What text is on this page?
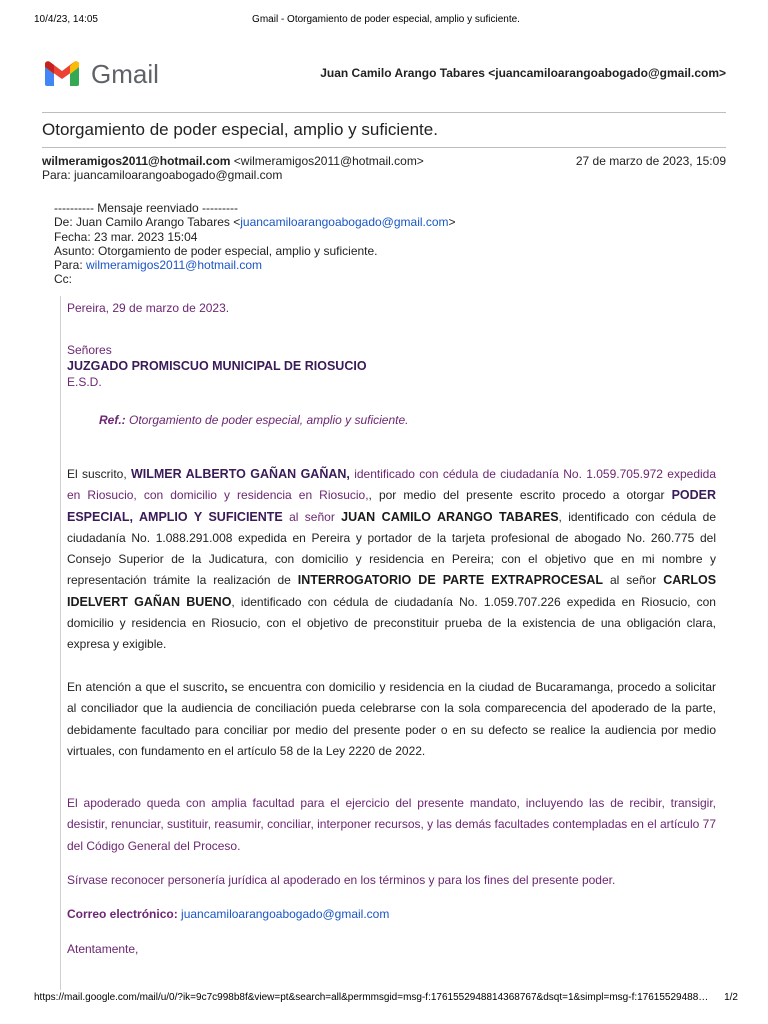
10/4/23, 14:05	Gmail - Otorgamiento de poder especial, amplio y suficiente.
Gmail	Juan Camilo Arango Tabares <juancamiloarangoabogado@gmail.com>
Otorgamiento de poder especial, amplio y suficiente.
wilmeramigos2011@hotmail.com <wilmeramigos2011@hotmail.com>	27 de marzo de 2023, 15:09
Para: juancamiloarangoabogado@gmail.com
---------- Mensaje reenviado ---------
De: Juan Camilo Arango Tabares <juancamiloarangoabogado@gmail.com>
Fecha: 23 mar. 2023 15:04
Asunto: Otorgamiento de poder especial, amplio y suficiente.
Para: wilmeramigos2011@hotmail.com
Cc:
Pereira, 29 de marzo de 2023.
Señores
JUZGADO PROMISCUO MUNICIPAL DE RIOSUCIO
E.S.D.
Ref.: Otorgamiento de poder especial, amplio y suficiente.
El suscrito, WILMER ALBERTO GAÑAN GAÑAN, identificado con cédula de ciudadanía No. 1.059.705.972 expedida en Riosucio, con domicilio y residencia en Riosucio,, por medio del presente escrito procedo a otorgar PODER ESPECIAL, AMPLIO Y SUFICIENTE al señor JUAN CAMILO ARANGO TABARES, identificado con cédula de ciudadanía No. 1.088.291.008 expedida en Pereira y portador de la tarjeta profesional de abogado No. 260.775 del Consejo Superior de la Judicatura, con domicilio y residencia en Pereira; con el objetivo que en mi nombre y representación trámite la realización de INTERROGATORIO DE PARTE EXTRAPROCESAL al señor CARLOS IDELVERT GAÑAN BUENO, identificado con cédula de ciudadanía No. 1.059.707.226 expedida en Riosucio, con domicilio y residencia en Riosucio, con el objetivo de preconstituir prueba de la existencia de una obligación clara, expresa y exigible.
En atención a que el suscrito, se encuentra con domicilio y residencia en la ciudad de Bucaramanga, procedo a solicitar al conciliador que la audiencia de conciliación pueda celebrarse con la sola comparecencia del apoderado de la parte, debidamente facultado para conciliar por medio del presente poder o en su defecto se realice la audiencia por medio virtuales, con fundamento en el artículo 58 de la Ley 2220 de 2022.
El apoderado queda con amplia facultad para el ejercicio del presente mandato, incluyendo las de recibir, transigir, desistir, renunciar, sustituir, reasumir, conciliar, interponer recursos, y las demás facultades contempladas en el artículo 77 del Código General del Proceso.
Sírvase reconocer personería jurídica al apoderado en los términos y para los fines del presente poder.
Correo electrónico: juancamiloarangoabogado@gmail.com
Atentamente,
https://mail.google.com/mail/u/0/?ik=9c7c998b8f&view=pt&search=all&permmsgid=msg-f:1761552948814368767&dsqt=1&simpl=msg-f:17615529488…	1/2
